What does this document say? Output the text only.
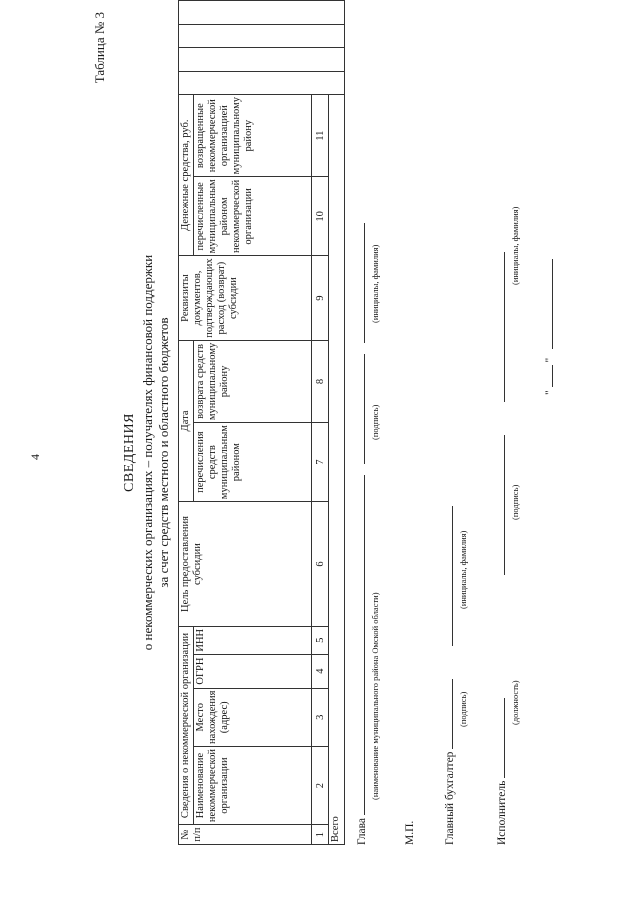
4
Таблица № 3
СВЕДЕНИЯ о некоммерческих организациях – получателях финансовой поддержки за счет средств местного и областного бюджетов
№ п/п	Сведения о некоммерческой организации				Цель предоставления субсидии	Дата		Реквизиты документов, подтверждающих расход (возврат) субсидии	Денежные средства, руб.					
	Наименование некоммерческой организации	Место нахождения (адрес)	ОГРН	ИНН		перечисления средств муниципальным районом	возврата средств муниципальному району		перечисленные муниципальным районом некоммерческой организации	возвращенные некоммерческой организацией муниципальному району				
1	2	3	4	5	6	7	8	9	10	11				
Всего															Глава
(наименование муниципального района Омской области)
(подпись)
(инициалы, фамилия)
М.П.	Главный бухгалтер
(подпись)
(инициалы, фамилия)
Исполнитель
(должность)
(подпись)
(инициалы, фамилия)
"  "
